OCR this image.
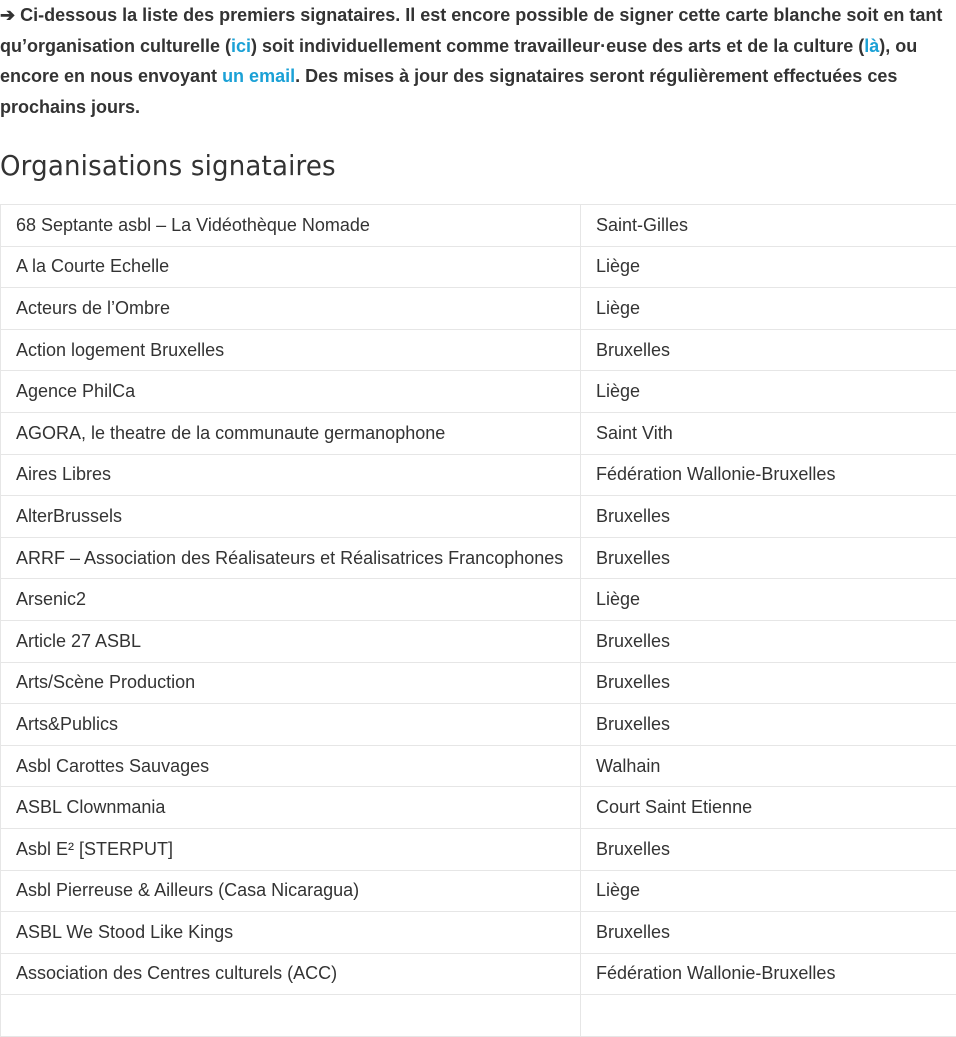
➔ Ci-dessous la liste des premiers signataires. Il est encore possible de signer cette carte blanche soit en tant qu’organisation culturelle (ici) soit individuellement comme travailleur·euse des arts et de la culture (là), ou encore en nous envoyant un email. Des mises à jour des signataires seront régulièrement effectuées ces prochains jours.

Organisations signataires
68 Septante asbl – La Vidéothèque Nomade	Saint-Gilles
A la Courte Echelle	Liège
Acteurs de l’Ombre	Liège
Action logement Bruxelles	Bruxelles
Agence PhilCa	Liège
AGORA, le theatre de la communaute germanophone	Saint Vith
Aires Libres	Fédération Wallonie-Bruxelles
AlterBrussels	Bruxelles
ARRF – Association des Réalisateurs et Réalisatrices Francophones	Bruxelles
Arsenic2	Liège
Article 27 ASBL	Bruxelles
Arts/Scène Production	Bruxelles
Arts&Publics	Bruxelles
Asbl Carottes Sauvages	Walhain
ASBL Clownmania	Court Saint Etienne
Asbl E² [STERPUT]	Bruxelles
Asbl Pierreuse & Ailleurs (Casa Nicaragua)	Liège
ASBL We Stood Like Kings	Bruxelles
Association des Centres culturels (ACC)	Fédération Wallonie-Bruxelles
